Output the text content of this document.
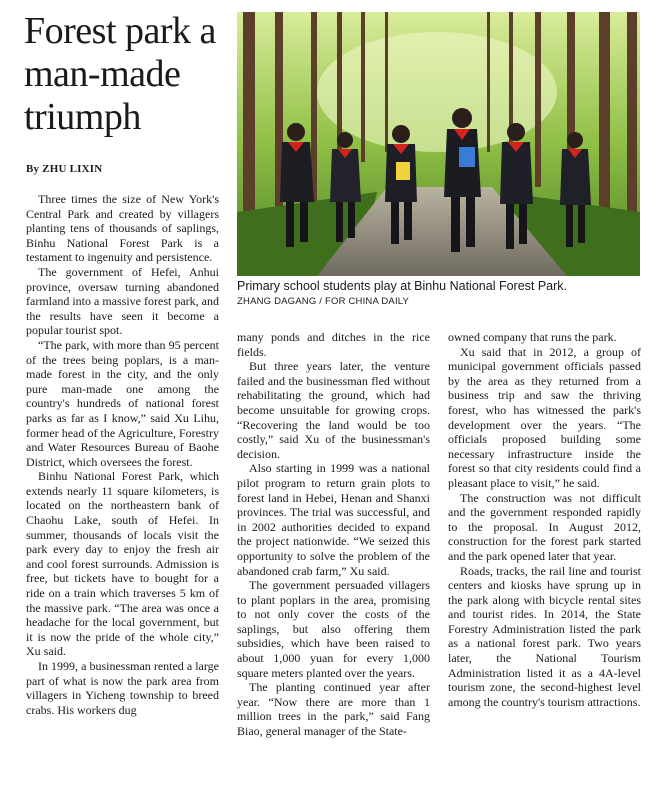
Forest park a man-made triumph

By ZHU LIXIN

Primary school students play at Binhu National Forest Park.

ZHANG DAGANG / FOR CHINA DAILY

Three times the size of New York's Central Park and created by villagers planting tens of thousands of saplings, Binhu National Forest Park is a testament to ingenuity and persistence.

The government of Hefei, Anhui province, oversaw turning abandoned farmland into a massive forest park, and the results have seen it become a popular tourist spot.

“The park, with more than 95 percent of the trees being poplars, is a man-made forest in the city, and the only pure man-made one among the country's hundreds of national forest parks as far as I know,” said Xu Lihu, former head of the Agriculture, Forestry and Water Resources Bureau of Baohe District, which oversees the forest.

Binhu National Forest Park, which extends nearly 11 square kilometers, is located on the northeastern bank of Chaohu Lake, south of Hefei. In summer, thousands of locals visit the park every day to enjoy the fresh air and cool forest surrounds. Admission is free, but tickets have to bought for a ride on a train which traverses 5 km of the massive park. “The area was once a headache for the local government, but it is now the pride of the whole city,” Xu said.

In 1999, a businessman rented a large part of what is now the park area from villagers in Yicheng township to breed crabs. His workers dug

many ponds and ditches in the rice fields.

But three years later, the venture failed and the businessman fled without rehabilitating the ground, which had become unsuitable for growing crops. “Recovering the land would be too costly,” said Xu of the businessman's decision.

Also starting in 1999 was a national pilot program to return grain plots to forest land in Hebei, Henan and Shanxi provinces. The trial was successful, and in 2002 authorities decided to expand the project nationwide. “We seized this opportunity to solve the problem of the abandoned crab farm,” Xu said.

The government persuaded villagers to plant poplars in the area, promising to not only cover the costs of the saplings, but also offering them subsidies, which have been raised to about 1,000 yuan for every 1,000 square meters planted over the years.

The planting continued year after year. “Now there are more than 1 million trees in the park,” said Fang Biao, general manager of the State-

owned company that runs the park.

Xu said that in 2012, a group of municipal government officials passed by the area as they returned from a business trip and saw the thriving forest, who has witnessed the park's development over the years. “The officials proposed building some necessary infrastructure inside the forest so that city residents could find a pleasant place to visit,” he said.

The construction was not difficult and the government responded rapidly to the proposal. In August 2012, construction for the forest park started and the park opened later that year.

Roads, tracks, the rail line and tourist centers and kiosks have sprung up in the park along with bicycle rental sites and tourist rides. In 2014, the State Forestry Administration listed the park as a national forest park. Two years later, the National Tourism Administration listed it as a 4A-level tourism zone, the second-highest level among the country's tourism attractions.
